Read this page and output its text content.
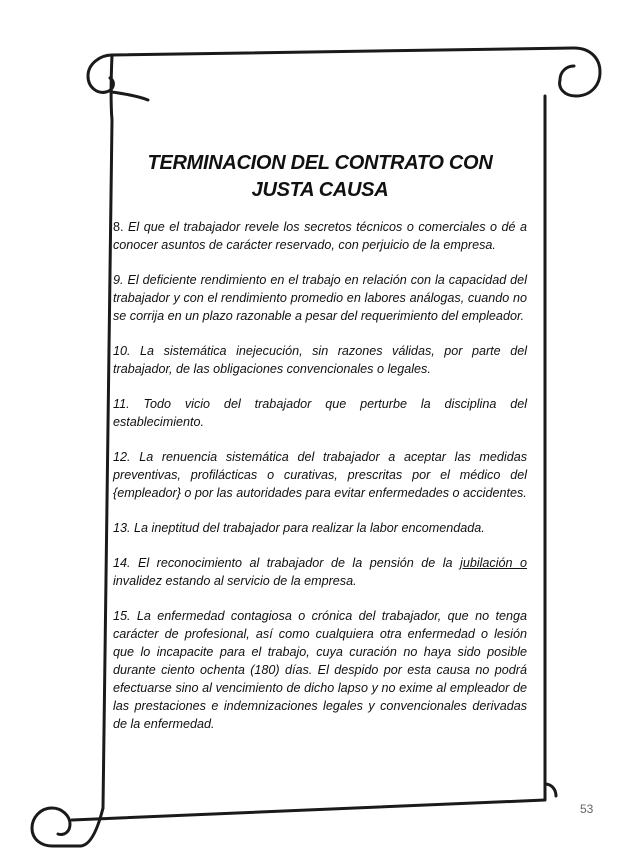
TERMINACION DEL CONTRATO CON
JUSTA CAUSA

8. El que el trabajador revele los secretos técnicos o comerciales o dé a conocer asuntos de carácter reservado, con perjuicio de la empresa.

9. El deficiente rendimiento en el trabajo en relación con la capacidad del trabajador y con el rendimiento promedio en labores análogas, cuando no se corrija en un plazo razonable a pesar del requerimiento del empleador.

10. La sistemática inejecución, sin razones válidas, por parte del trabajador, de las obligaciones convencionales o legales.

11. Todo vicio del trabajador que perturbe la disciplina del establecimiento.

12. La renuencia sistemática del trabajador a aceptar las medidas preventivas, profilácticas o curativas, prescritas por el médico del {empleador} o por las autoridades para evitar enfermedades o accidentes.

13. La ineptitud del trabajador para realizar la labor encomendada.

14. El reconocimiento al trabajador de la pensión de la jubilación o invalidez estando al servicio de la empresa.

15. La enfermedad contagiosa o crónica del trabajador, que no tenga carácter de profesional, así como cualquiera otra enfermedad o lesión que lo incapacite para el trabajo, cuya curación no haya sido posible durante ciento ochenta (180) días. El despido por esta causa no podrá efectuarse sino al vencimiento de dicho lapso y no exime al empleador de las prestaciones e indemnizaciones legales y convencionales derivadas de la enfermedad.

53
